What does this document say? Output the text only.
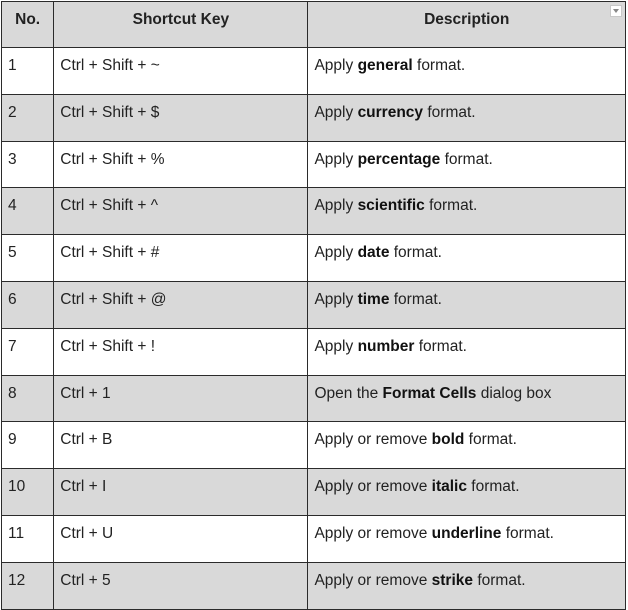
No.	Shortcut Key	Description

1	Ctrl + Shift + ~	Apply general format.

2	Ctrl + Shift + $	Apply currency format.

3	Ctrl + Shift + %	Apply percentage format.

4	Ctrl + Shift + ^	Apply scientific format.

5	Ctrl + Shift + #	Apply date format.

6	Ctrl + Shift + @	Apply time format.

7	Ctrl + Shift + !	Apply number format.

8	Ctrl + 1	Open the Format Cells dialog box

9	Ctrl + B	Apply or remove bold format.

10	Ctrl + I	Apply or remove italic format.

11	Ctrl + U	Apply or remove underline format.

12	Ctrl + 5	Apply or remove strike format.
